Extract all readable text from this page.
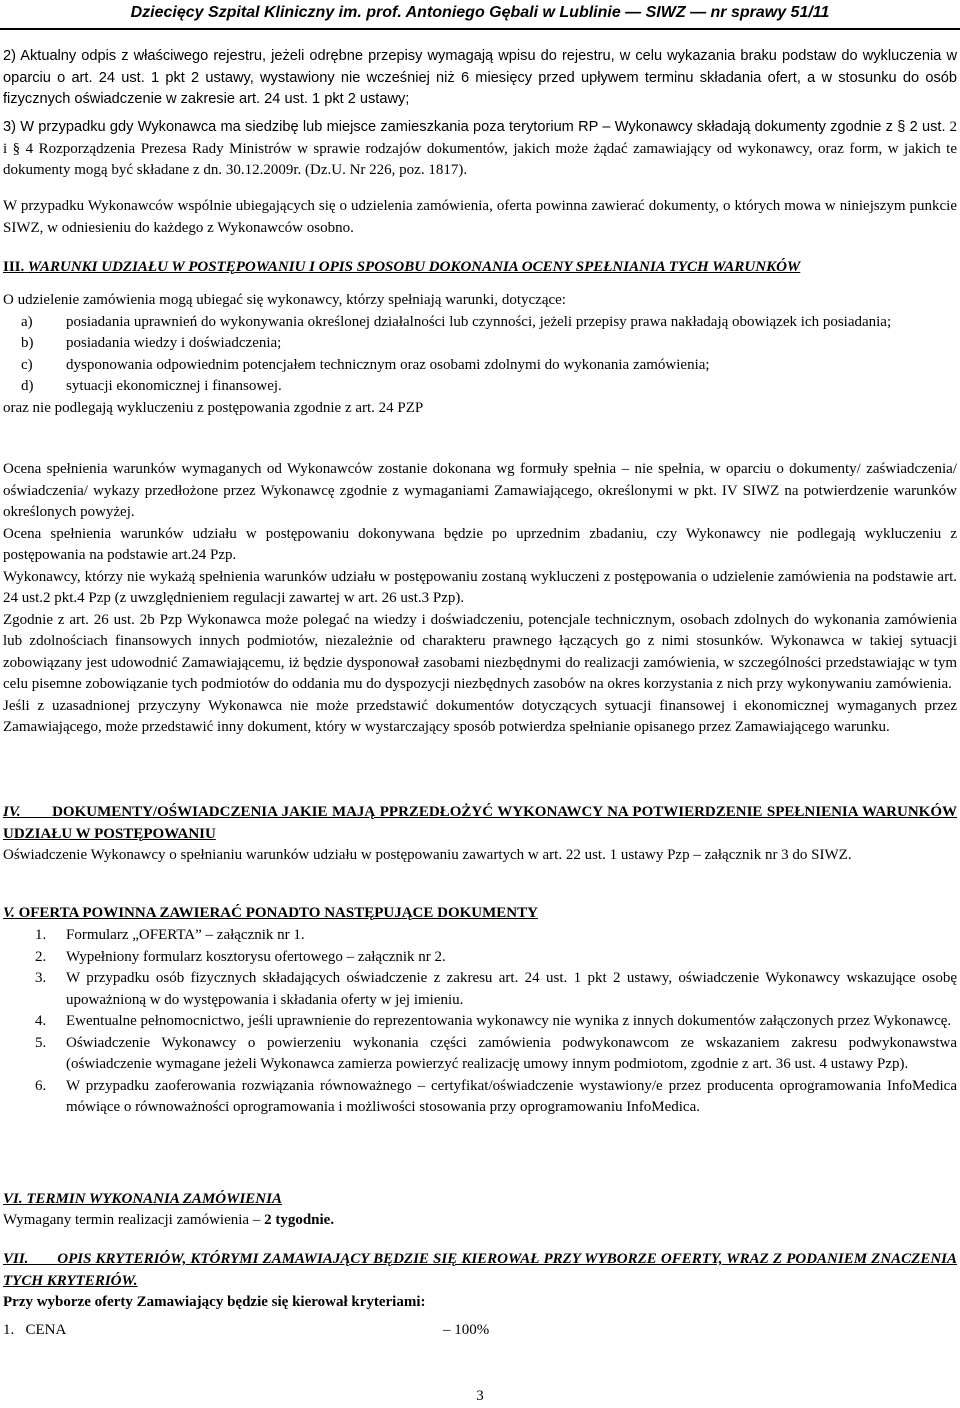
Dziecięcy Szpital Kliniczny im. prof. Antoniego Gębali w Lublinie — SIWZ — nr sprawy 51/11
2) Aktualny odpis z właściwego rejestru, jeżeli odrębne przepisy wymagają wpisu do rejestru, w celu wykazania braku podstaw do wykluczenia w oparciu o art. 24 ust. 1 pkt 2 ustawy, wystawiony nie wcześniej niż 6 miesięcy przed upływem terminu składania ofert, a w stosunku do osób fizycznych oświadczenie w zakresie art. 24 ust. 1 pkt 2 ustawy;
3) W przypadku gdy Wykonawca ma siedzibę lub miejsce zamieszkania poza terytorium RP – Wykonawcy składają dokumenty zgodnie z § 2 ust. 2 i § 4 Rozporządzenia Prezesa Rady Ministrów w sprawie rodzajów dokumentów, jakich może żądać zamawiający od wykonawcy, oraz form, w jakich te dokumenty mogą być składane z dn. 30.12.2009r. (Dz.U. Nr 226, poz. 1817).
W przypadku Wykonawców wspólnie ubiegających się o udzielenia zamówienia, oferta powinna zawierać dokumenty, o których mowa w niniejszym punkcie SIWZ, w odniesieniu do każdego z Wykonawców osobno.

III. WARUNKI UDZIAŁU W POSTĘPOWANIU I OPIS SPOSOBU DOKONANIA OCENY SPEŁNIANIA TYCH WARUNKÓW

O udzielenie zamówienia mogą ubiegać się wykonawcy, którzy spełniają warunki, dotyczące:

a) posiadania uprawnień do wykonywania określonej działalności lub czynności, jeżeli przepisy prawa nakładają obowiązek ich posiadania;
b) posiadania wiedzy i doświadczenia;
c) dysponowania odpowiednim potencjałem technicznym oraz osobami zdolnymi do wykonania zamówienia;
d) sytuacji ekonomicznej i finansowej.

oraz nie podlegają wykluczeniu z postępowania zgodnie z art. 24 PZP

Ocena spełnienia warunków wymaganych od Wykonawców zostanie dokonana wg formuły spełnia – nie spełnia, w oparciu o dokumenty/ zaświadczenia/ oświadczenia/ wykazy przedłożone przez Wykonawcę zgodnie z wymaganiami Zamawiającego, określonymi w pkt. IV SIWZ na potwierdzenie warunków określonych powyżej.

Ocena spełnienia warunków udziału w postępowaniu dokonywana będzie po uprzednim zbadaniu, czy Wykonawcy nie podlegają wykluczeniu z postępowania na podstawie art.24 Pzp.

Wykonawcy, którzy nie wykażą spełnienia warunków udziału w postępowaniu zostaną wykluczeni z postępowania o udzielenie zamówienia na podstawie art. 24 ust.2 pkt.4 Pzp (z uwzględnieniem regulacji zawartej w art. 26 ust.3 Pzp).

Zgodnie z art. 26 ust. 2b Pzp Wykonawca może polegać na wiedzy i doświadczeniu, potencjale technicznym, osobach zdolnych do wykonania zamówienia lub zdolnościach finansowych innych podmiotów, niezależnie od charakteru prawnego łączących go z nimi stosunków. Wykonawca w takiej sytuacji zobowiązany jest udowodnić Zamawiającemu, iż będzie dysponował zasobami niezbędnymi do realizacji zamówienia, w szczególności przedstawiając w tym celu pisemne zobowiązanie tych podmiotów do oddania mu do dyspozycji niezbędnych zasobów na okres korzystania z nich przy wykonywaniu zamówienia.

Jeśli z uzasadnionej przyczyny Wykonawca nie może przedstawić dokumentów dotyczących sytuacji finansowej i ekonomicznej wymaganych przez Zamawiającego, może przedstawić inny dokument, który w wystarczający sposób potwierdza spełnianie opisanego przez Zamawiającego warunku.

IV. DOKUMENTY/OŚWIADCZENIA JAKIE MAJĄ PPRZEDŁOŻYĆ WYKONAWCY NA POTWIERDZENIE SPEŁNIENIA WARUNKÓW UDZIAŁU W POSTĘPOWANIU

Oświadczenie Wykonawcy o spełnianiu warunków udziału w postępowaniu zawartych w art. 22 ust. 1 ustawy Pzp – załącznik nr 3 do SIWZ.

V. OFERTA POWINNA ZAWIERAĆ PONADTO NASTĘPUJĄCE DOKUMENTY

1. Formularz „OFERTA” – załącznik nr 1.
2. Wypełniony formularz kosztorysu ofertowego – załącznik nr 2.
3. W przypadku osób fizycznych składających oświadczenie z zakresu art. 24 ust. 1 pkt 2 ustawy, oświadczenie Wykonawcy wskazujące osobę upoważnioną w do występowania i składania oferty w jej imieniu.
4. Ewentualne pełnomocnictwo, jeśli uprawnienie do reprezentowania wykonawcy nie wynika z innych dokumentów załączonych przez Wykonawcę.
5. Oświadczenie Wykonawcy o powierzeniu wykonania części zamówienia podwykonawcom ze wskazaniem zakresu podwykonawstwa (oświadczenie wymagane jeżeli Wykonawca zamierza powierzyć realizację umowy innym podmiotom, zgodnie z art. 36 ust. 4 ustawy Pzp).
6. W przypadku zaoferowania rozwiązania równoważnego – certyfikat/oświadczenie wystawiony/e przez producenta oprogramowania InfoMedica mówiące o równoważności oprogramowania i możliwości stosowania przy oprogramowaniu InfoMedica.

VI. TERMIN WYKONANIA ZAMÓWIENIA

Wymagany termin realizacji zamówienia – 2 tygodnie.

VII. OPIS KRYTERIÓW, KTÓRYMI ZAMAWIAJĄCY BĘDZIE SIĘ KIEROWAŁ PRZY WYBORZE OFERTY, WRAZ Z PODANIEM ZNACZENIA TYCH KRYTERIÓW.

Przy wyborze oferty Zamawiający będzie się kierował kryteriami:
1.   CENA	– 100%
3
